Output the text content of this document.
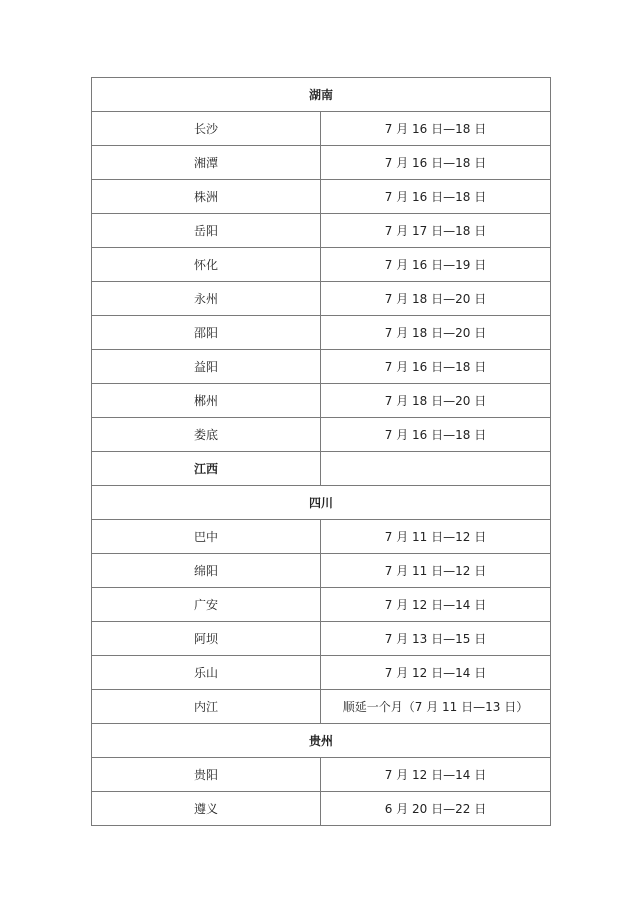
湖南	
长沙	7 月 16 日—18 日
湘潭	7 月 16 日—18 日
株洲	7 月 16 日—18 日
岳阳	7 月 17 日—18 日
怀化	7 月 16 日—19 日
永州	7 月 18 日—20 日
邵阳	7 月 18 日—20 日
益阳	7 月 16 日—18 日
郴州	7 月 18 日—20 日
娄底	7 月 16 日—18 日
江西	
四川	
巴中	7 月 11 日—12 日
绵阳	7 月 11 日—12 日
广安	7 月 12 日—14 日
阿坝	7 月 13 日—15 日
乐山	7 月 12 日—14 日
内江	顺延一个月（7 月 11 日—13 日）
贵州	
贵阳	7 月 12 日—14 日
遵义	6 月 20 日—22 日
